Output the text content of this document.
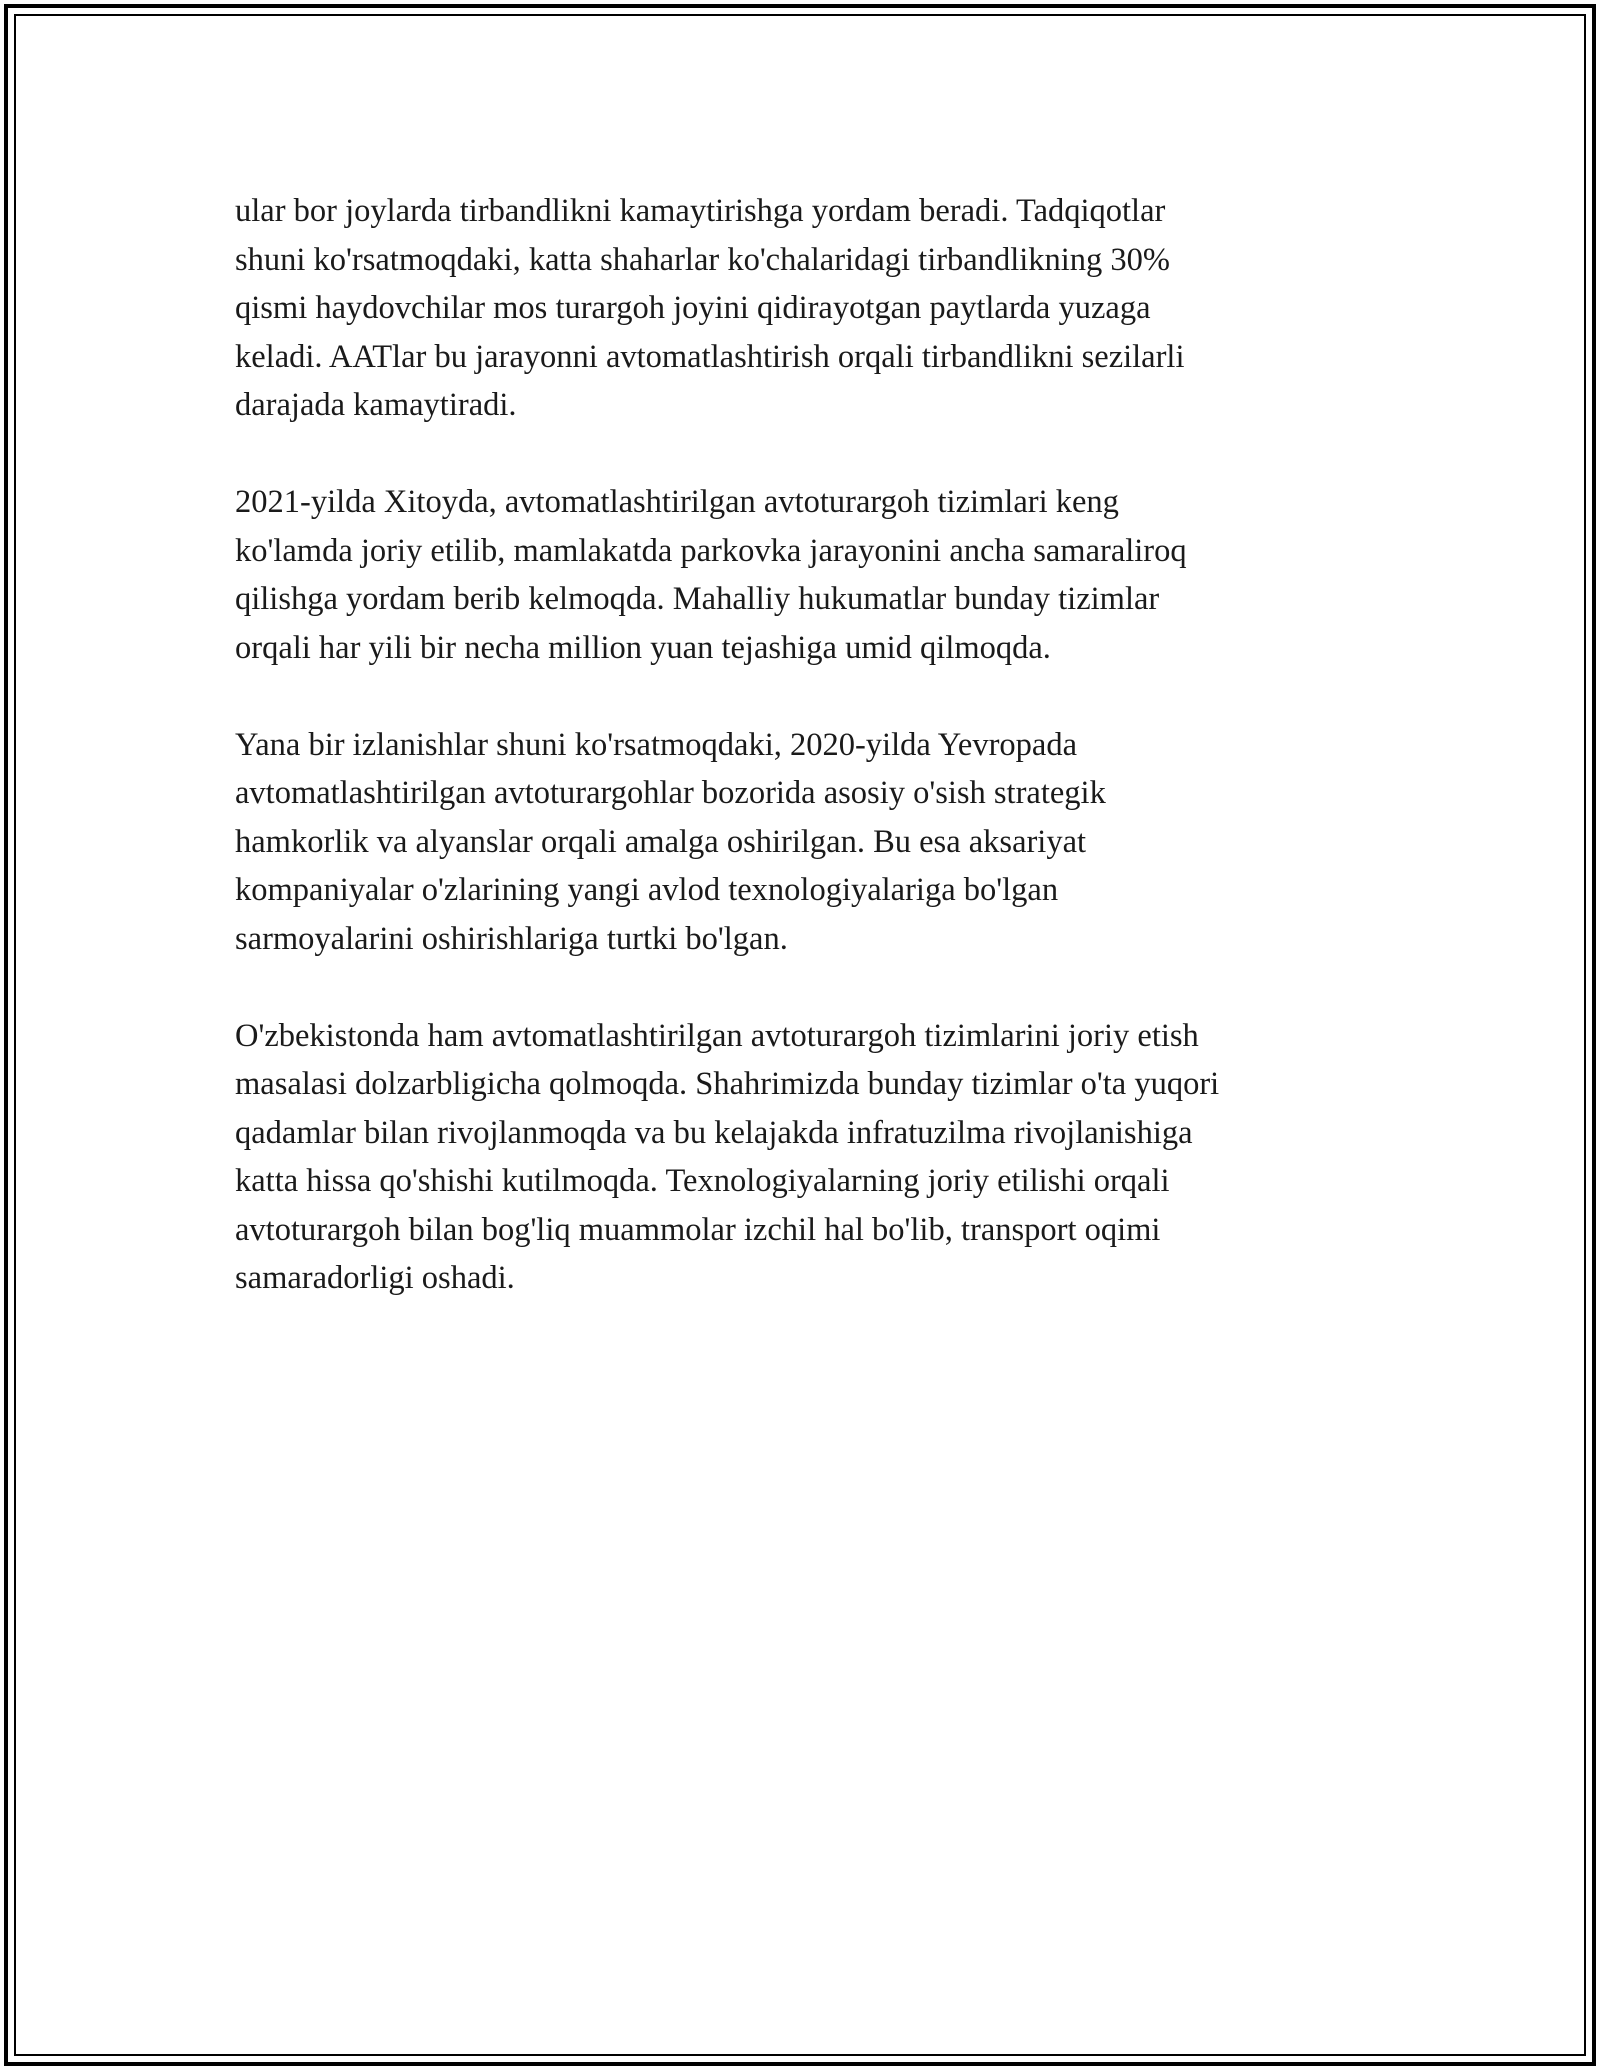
ular bor joylarda tirbandlikni kamaytirishga yordam beradi. Tadqiqotlar
shuni ko'rsatmoqdaki, katta shaharlar ko'chalaridagi tirbandlikning 30%
qismi haydovchilar mos turargoh joyini qidirayotgan paytlarda yuzaga
keladi. AATlar bu jarayonni avtomatlashtirish orqali tirbandlikni sezilarli
darajada kamaytiradi.

2021-yilda Xitoyda, avtomatlashtirilgan avtoturargoh tizimlari keng
ko'lamda joriy etilib, mamlakatda parkovka jarayonini ancha samaraliroq
qilishga yordam berib kelmoqda. Mahalliy hukumatlar bunday tizimlar
orqali har yili bir necha million yuan tejashiga umid qilmoqda.

Yana bir izlanishlar shuni ko'rsatmoqdaki, 2020-yilda Yevropada
avtomatlashtirilgan avtoturargohlar bozorida asosiy o'sish strategik
hamkorlik va alyanslar orqali amalga oshirilgan. Bu esa aksariyat
kompaniyalar o'zlarining yangi avlod texnologiyalariga bo'lgan
sarmoyalarini oshirishlariga turtki bo'lgan.

O'zbekistonda ham avtomatlashtirilgan avtoturargoh tizimlarini joriy etish
masalasi dolzarbligicha qolmoqda. Shahrimizda bunday tizimlar o'ta yuqori
qadamlar bilan rivojlanmoqda va bu kelajakda infratuzilma rivojlanishiga
katta hissa qo'shishi kutilmoqda. Texnologiyalarning joriy etilishi orqali
avtoturargoh bilan bog'liq muammolar izchil hal bo'lib, transport oqimi
samaradorligi oshadi.
